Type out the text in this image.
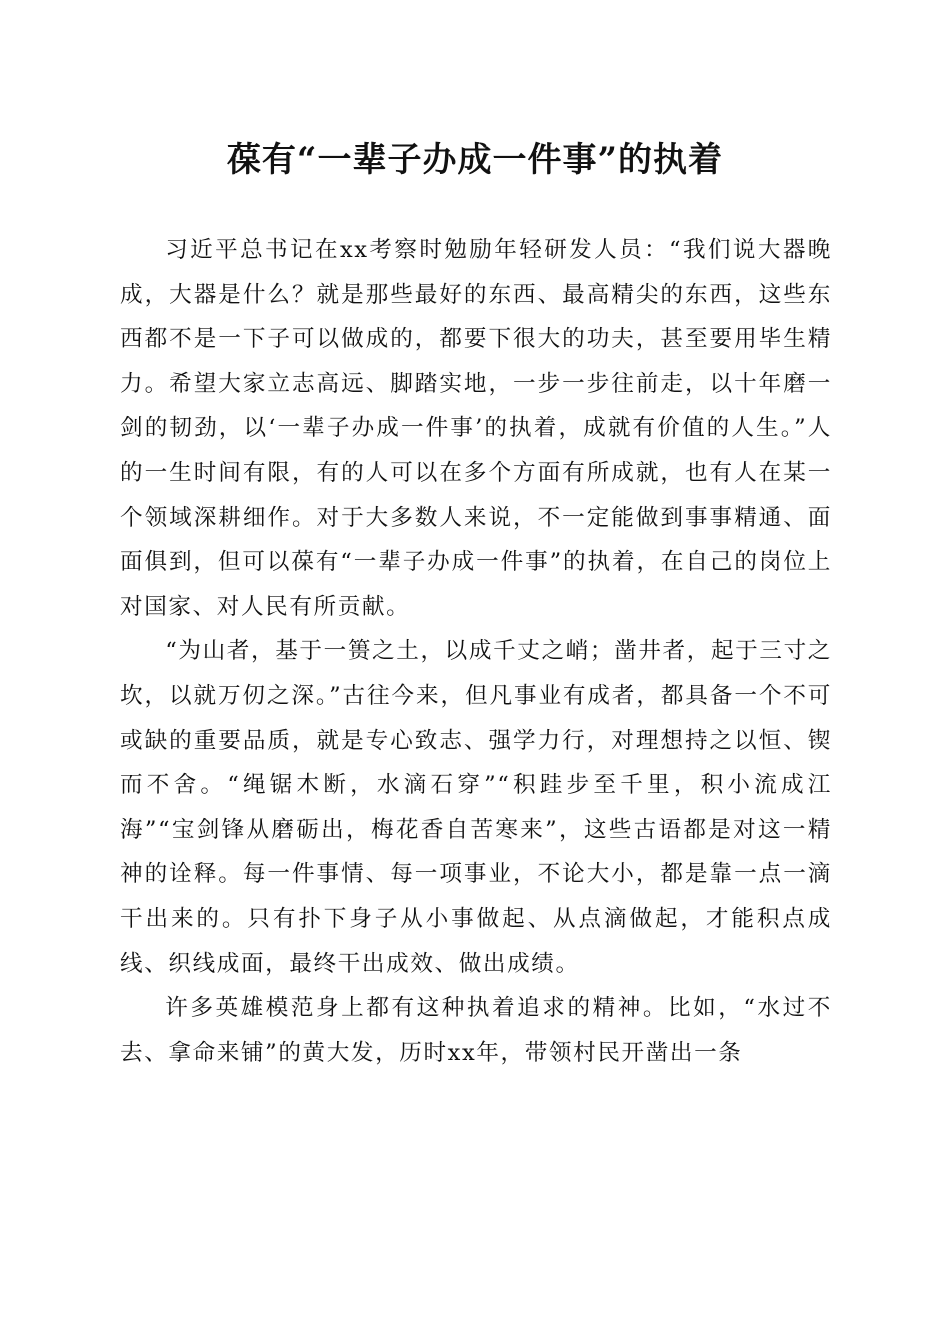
葆有“一辈子办成一件事”的执着

习近平总书记在xx考察时勉励年轻研发人员：“我们说大器晚成，大器是什么？就是那些最好的东西、最高精尖的东西，这些东西都不是一下子可以做成的，都要下很大的功夫，甚至要用毕生精力。希望大家立志高远、脚踏实地，一步一步往前走，以十年磨一剑的韧劲，以‘一辈子办成一件事’的执着，成就有价值的人生。”人的一生时间有限，有的人可以在多个方面有所成就，也有人在某一个领域深耕细作。对于大多数人来说，不一定能做到事事精通、面面俱到，但可以葆有“一辈子办成一件事”的执着，在自己的岗位上对国家、对人民有所贡献。

“为山者，基于一篑之土，以成千丈之峭；凿井者，起于三寸之坎，以就万仞之深。”古往今来，但凡事业有成者，都具备一个不可或缺的重要品质，就是专心致志、强学力行，对理想持之以恒、锲而不舍。“绳锯木断，水滴石穿”“积跬步至千里，积小流成江海”“宝剑锋从磨砺出，梅花香自苦寒来”，这些古语都是对这一精神的诠释。每一件事情、每一项事业，不论大小，都是靠一点一滴干出来的。只有扑下身子从小事做起、从点滴做起，才能积点成线、织线成面，最终干出成效、做出成绩。

许多英雄模范身上都有这种执着追求的精神。比如，“水过不去、拿命来铺”的黄大发，历时xx年，带领村民开凿出一条
